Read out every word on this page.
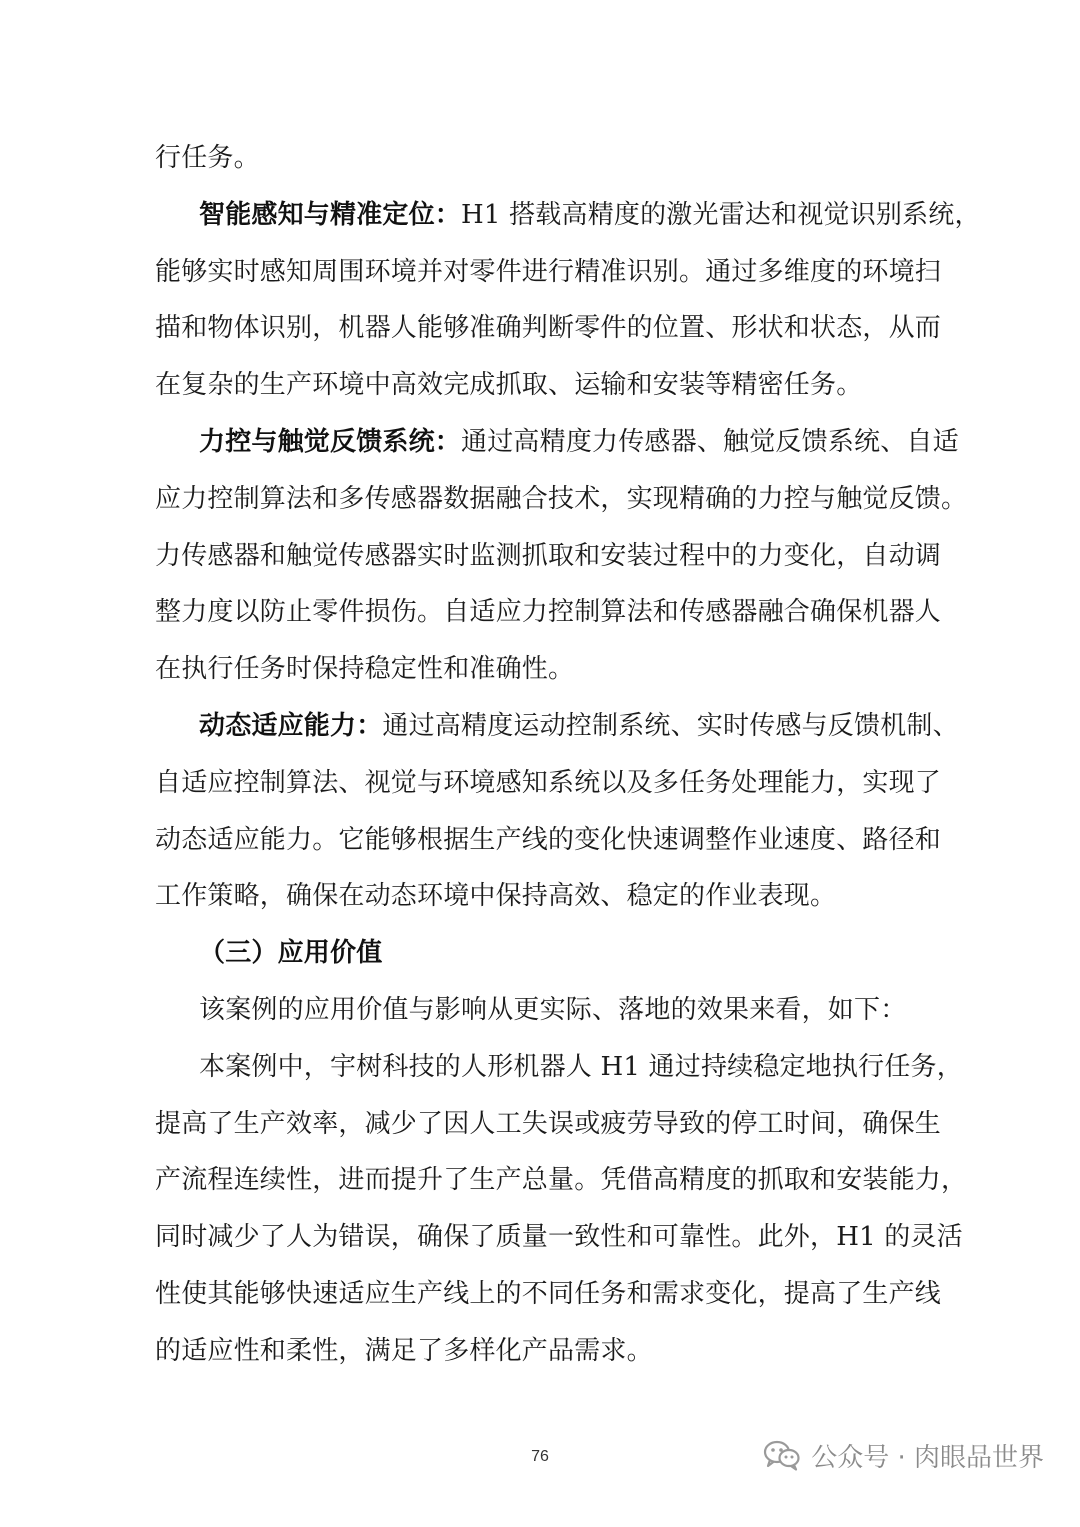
行任务。
智能感知与精准定位：H1 搭载高精度的激光雷达和视觉识别系统，
能够实时感知周围环境并对零件进行精准识别。通过多维度的环境扫
描和物体识别，机器人能够准确判断零件的位置、形状和状态，从而
在复杂的生产环境中高效完成抓取、运输和安装等精密任务。
力控与触觉反馈系统：通过高精度力传感器、触觉反馈系统、自适
应力控制算法和多传感器数据融合技术，实现精确的力控与触觉反馈。
力传感器和触觉传感器实时监测抓取和安装过程中的力变化，自动调
整力度以防止零件损伤。自适应力控制算法和传感器融合确保机器人
在执行任务时保持稳定性和准确性。
动态适应能力：通过高精度运动控制系统、实时传感与反馈机制、
自适应控制算法、视觉与环境感知系统以及多任务处理能力，实现了
动态适应能力。它能够根据生产线的变化快速调整作业速度、路径和
工作策略，确保在动态环境中保持高效、稳定的作业表现。
（三）应用价值
该案例的应用价值与影响从更实际、落地的效果来看，如下：
本案例中，宇树科技的人形机器人 H1 通过持续稳定地执行任务，
提高了生产效率，减少了因人工失误或疲劳导致的停工时间，确保生
产流程连续性，进而提升了生产总量。凭借高精度的抓取和安装能力，
同时减少了人为错误，确保了质量一致性和可靠性。此外，H1 的灵活
性使其能够快速适应生产线上的不同任务和需求变化，提高了生产线
的适应性和柔性，满足了多样化产品需求。
76	公众号 · 肉眼品世界
